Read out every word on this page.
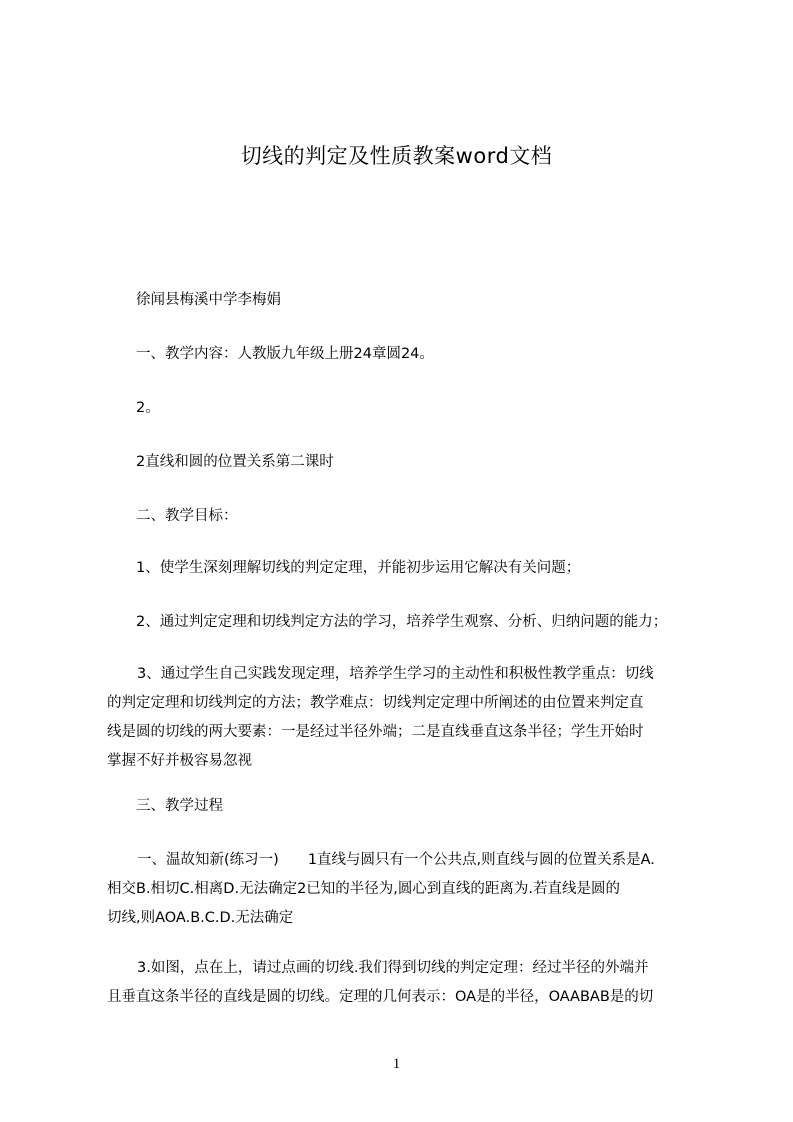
切线的判定及性质教案word文档
徐闻县梅溪中学李梅娟
一、教学内容：人教版九年级上册24章圆24。
2。
2直线和圆的位置关系第二课时
二、教学目标：
1、使学生深刻理解切线的判定定理，并能初步运用它解决有关问题；
2、通过判定定理和切线判定方法的学习，培养学生观察、分析、归纳问题的能力；
3、通过学生自己实践发现定理，培养学生学习的主动性和积极性教学重点：切线
的判定定理和切线判定的方法；教学难点：切线判定定理中所阐述的由位置来判定直
线是圆的切线的两大要素：一是经过半径外端；二是直线垂直这条半径；学生开始时
掌握不好并极容易忽视
三、教学过程
一、温故知新(练习一)　　1直线与圆只有一个公共点,则直线与圆的位置关系是A.
相交B.相切C.相离D.无法确定2已知的半径为,圆心到直线的距离为.若直线是圆的
切线,则AOA.B.C.D.无法确定
3.如图，点在上，请过点画的切线.我们得到切线的判定定理：经过半径的外端并
且垂直这条半径的直线是圆的切线。定理的几何表示：OA是的半径，OAABAB是的切
1
